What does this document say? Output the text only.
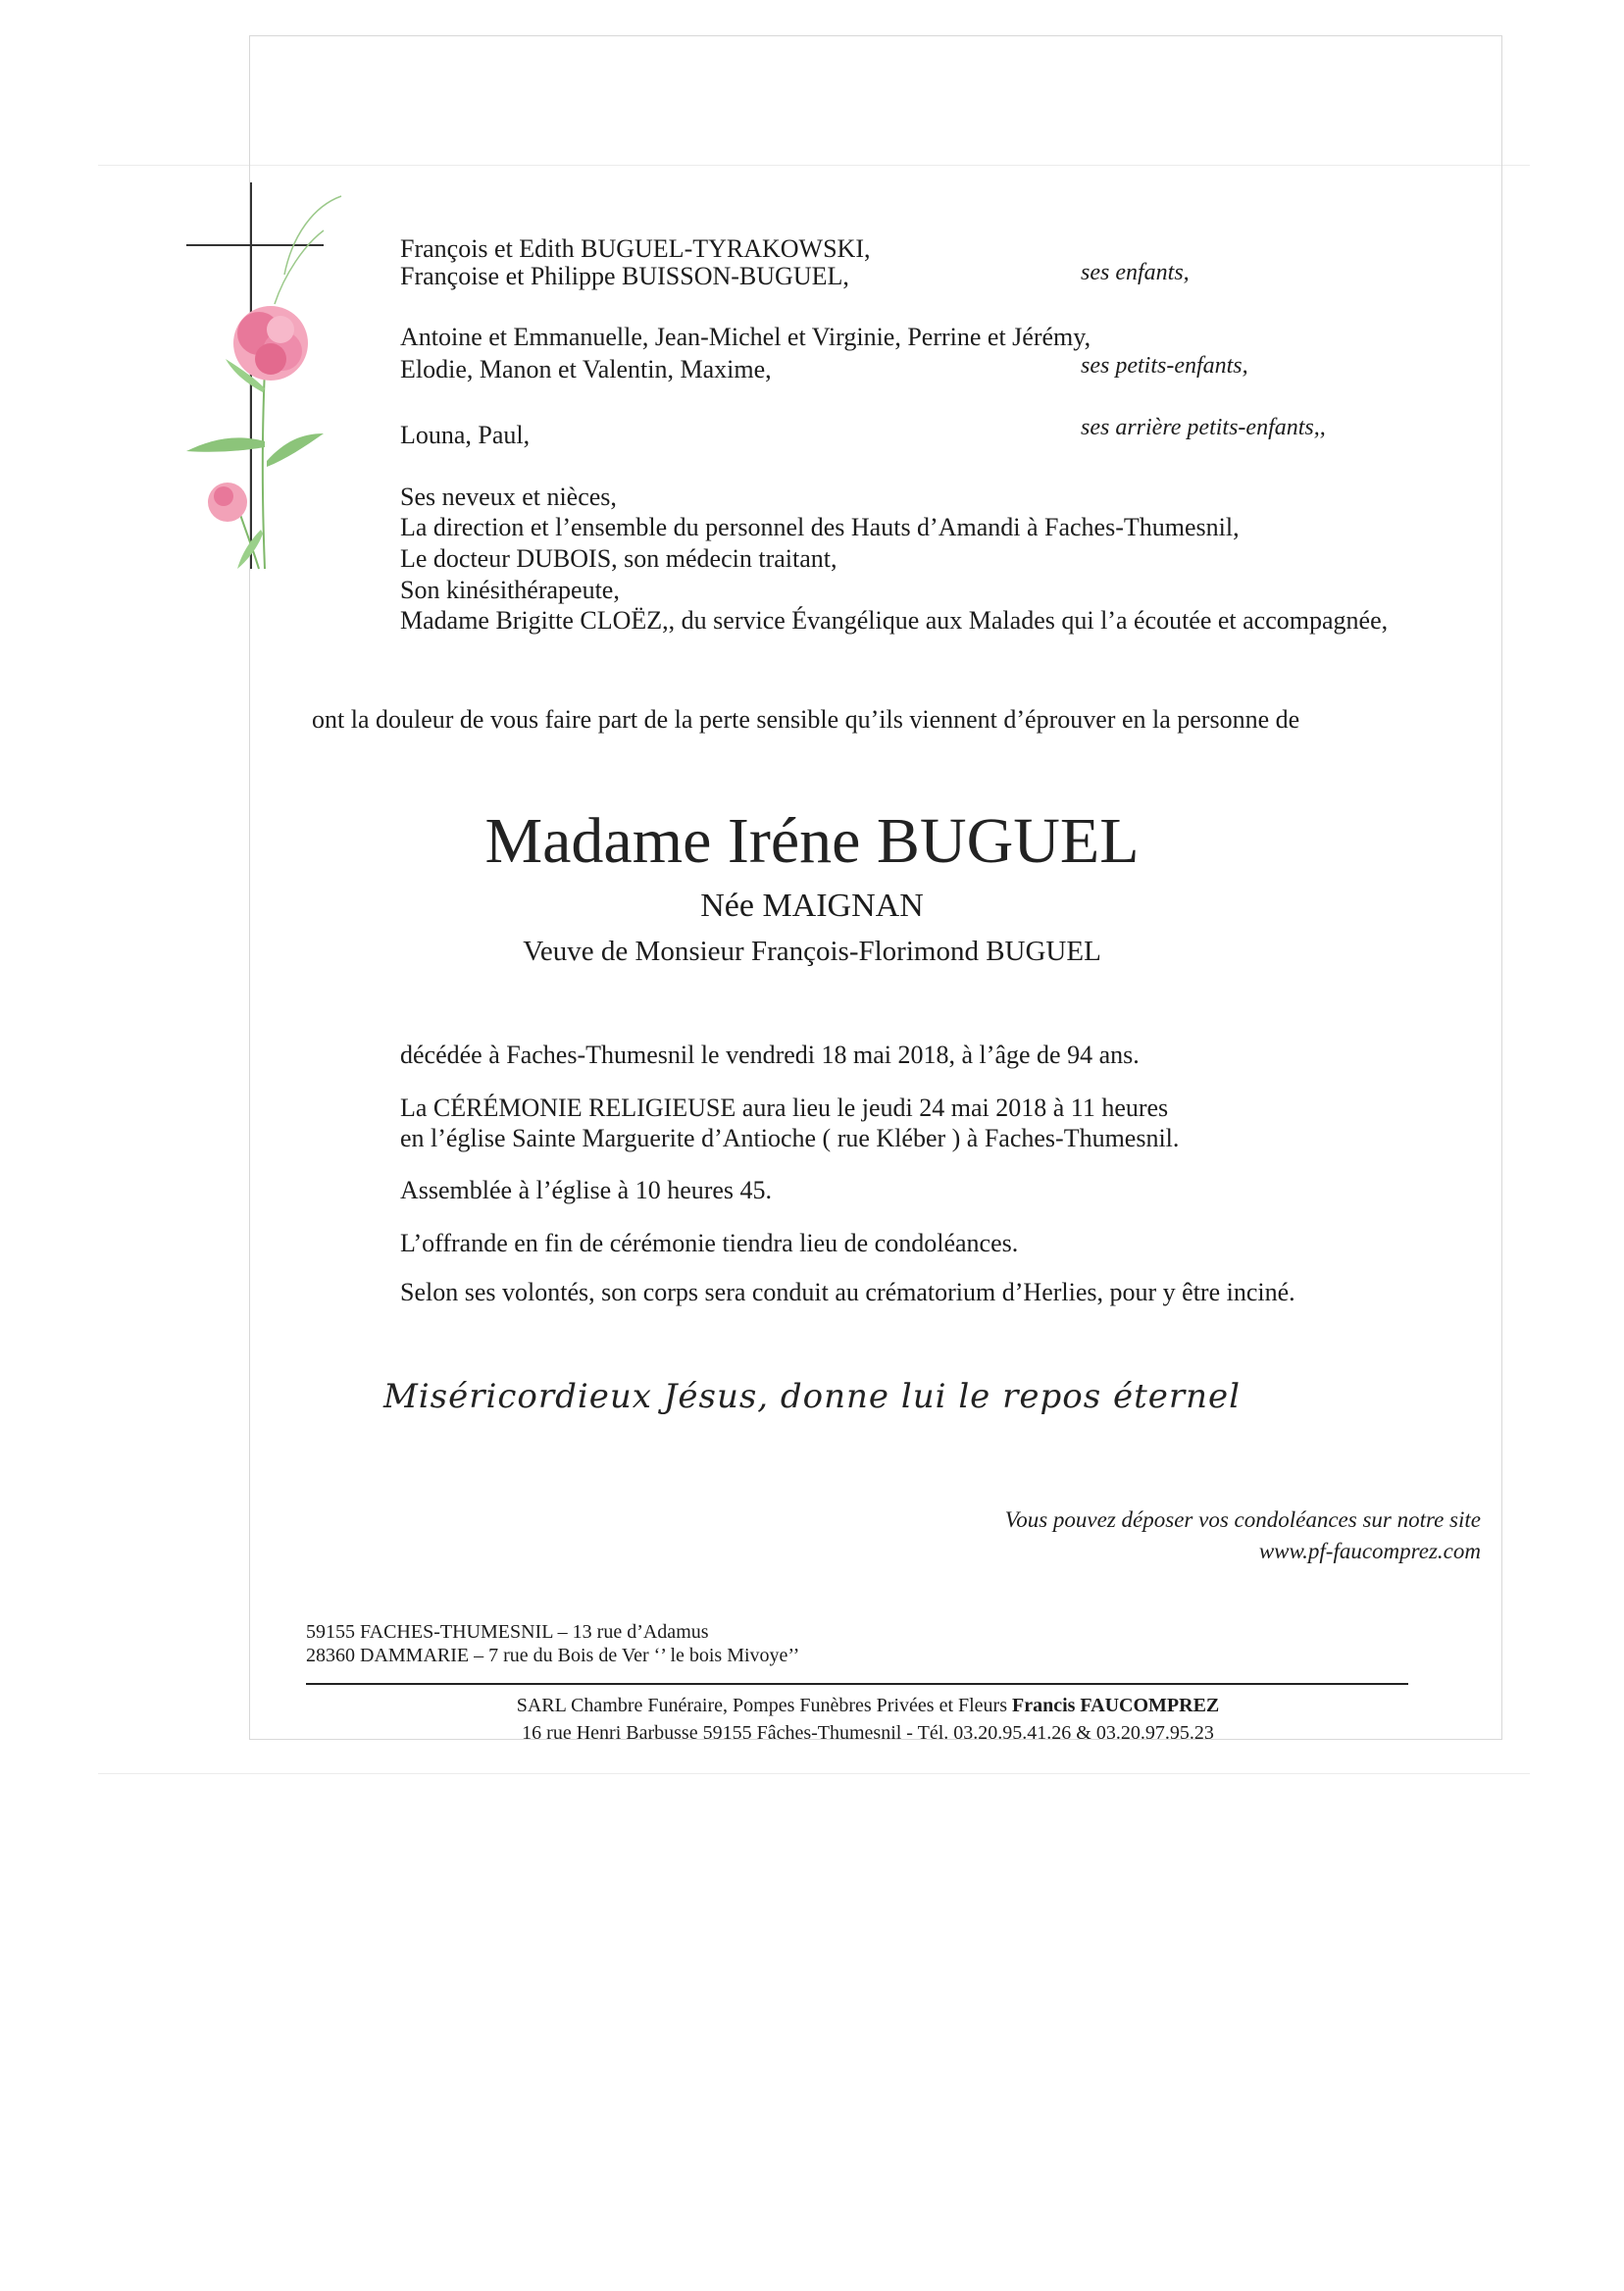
François et Edith BUGUEL-TYRAKOWSKI,
Françoise et Philippe BUISSON-BUGUEL,	ses enfants,
Antoine et Emmanuelle, Jean-Michel et Virginie, Perrine et Jérémy,
Elodie, Manon et Valentin, Maxime,	ses petits-enfants,
Louna, Paul,	ses arrière petits-enfants,,
Ses neveux et nièces,
La direction et l’ensemble du personnel des Hauts d’Amandi à Faches-Thumesnil,
Le docteur DUBOIS, son médecin traitant,
Son kinésithérapeute,
Madame Brigitte CLOËZ,, du service Évangélique aux Malades qui l’a écoutée et accompagnée,
ont la douleur de vous faire part de la perte sensible qu’ils viennent d’éprouver en la personne de
Madame Iréne BUGUEL
Née MAIGNAN
Veuve de Monsieur François-Florimond BUGUEL
décédée à Faches-Thumesnil le vendredi 18 mai 2018, à l’âge de 94 ans.
La CÉRÉMONIE RELIGIEUSE aura lieu le jeudi 24 mai 2018 à 11 heures
en l’église Sainte Marguerite d’Antioche ( rue Kléber ) à Faches-Thumesnil.
Assemblée à l’église à 10 heures 45.
L’offrande en fin de cérémonie tiendra lieu de condoléances.
Selon ses volontés, son corps sera conduit au crématorium d’Herlies, pour y être inciné.
Miséricordieux Jésus, donne lui le repos éternel
Vous pouvez déposer vos condoléances sur notre site
www.pf-faucomprez.com
59155 FACHES-THUMESNIL – 13 rue d’Adamus
28360 DAMMARIE – 7 rue du Bois de Ver ‘’ le bois Mivoye’’
SARL Chambre Funéraire, Pompes Funèbres Privées et Fleurs Francis FAUCOMPREZ
16 rue Henri Barbusse 59155 Fâches-Thumesnil - Tél. 03.20.95.41.26 & 03.20.97.95.23
